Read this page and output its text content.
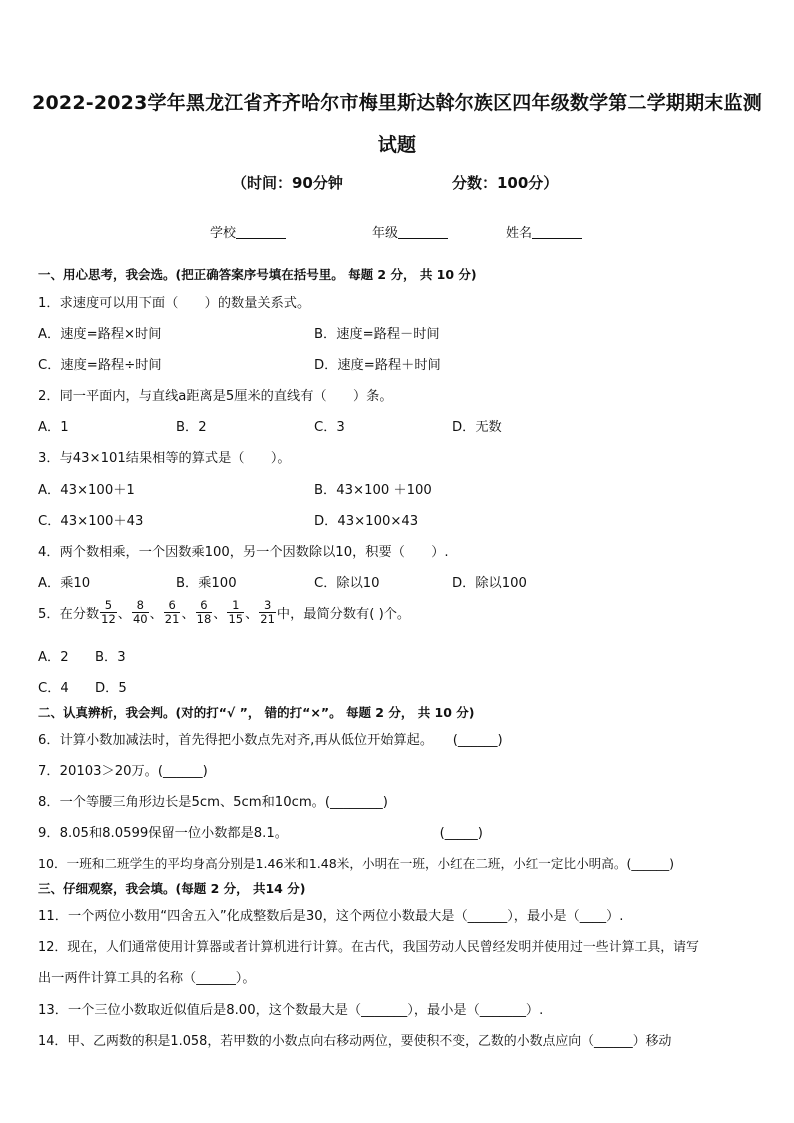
2022-2023学年黑龙江省齐齐哈尔市梅里斯达斡尔族区四年级数学第二学期期末监测
试题
（时间：90分钟	分数：100分）
学校	年级	姓名
一、用心思考，我会选。(把正确答案序号填在括号里。 每题 2 分， 共 10 分)
1．求速度可以用下面（　　）的数量关系式。
A．速度=路程×时间	B．速度=路程－时间
C．速度=路程÷时间	D．速度=路程＋时间
2．同一平面内，与直线a距离是5厘米的直线有（　　）条。
A．1	B．2	C．3	D．无数
3．与43×101结果相等的算式是（　　）。
A．43×100＋1	B．43×100 ＋100
C．43×100＋43	D．43×100×43
4．两个数相乘，一个因数乘100，另一个因数除以10，积要（　　）.
A．乘10	B．乘100	C．除以10	D．除以100
5．在分数 $\frac{5}{12}$ 、 $\frac{8}{40}$ 、 $\frac{6}{21}$ 、 $\frac{6}{18}$ 、 $\frac{1}{15}$ 、 $\frac{3}{21}$ 中，最简分数有( )个。
A．2 B．3
C．4 D．5
二、认真辨析，我会判。(对的打“√ ”， 错的打“×”。 每题 2 分， 共 10 分)
6．计算小数加减法时，首先得把小数点先对齐,再从低位开始算起。　　(______)
7．20103＞20万。(______)
8．一个等腰三角形边长是5cm、5cm和10cm。(________)
9．8.05和8.0599保留一位小数都是8.1。　　　　　　　　　　　　(_____)
10．一班和二班学生的平均身高分别是1.46米和1.48米，小明在一班，小红在二班，小红一定比小明高。(______)
三、仔细观察，我会填。(每题 2 分， 共14 分)
11．一个两位小数用“四舍五入”化成整数后是30，这个两位小数最大是（______），最小是（____）.
12．现在，人们通常使用计算器或者计算机进行计算。在古代，我国劳动人民曾经发明并使用过一些计算工具，请写
出一两件计算工具的名称（______）。
13．一个三位小数取近似值后是8.00，这个数最大是（_______），最小是（_______）.
14．甲、乙两数的积是1.058，若甲数的小数点向右移动两位，要使积不变，乙数的小数点应向（______）移动
